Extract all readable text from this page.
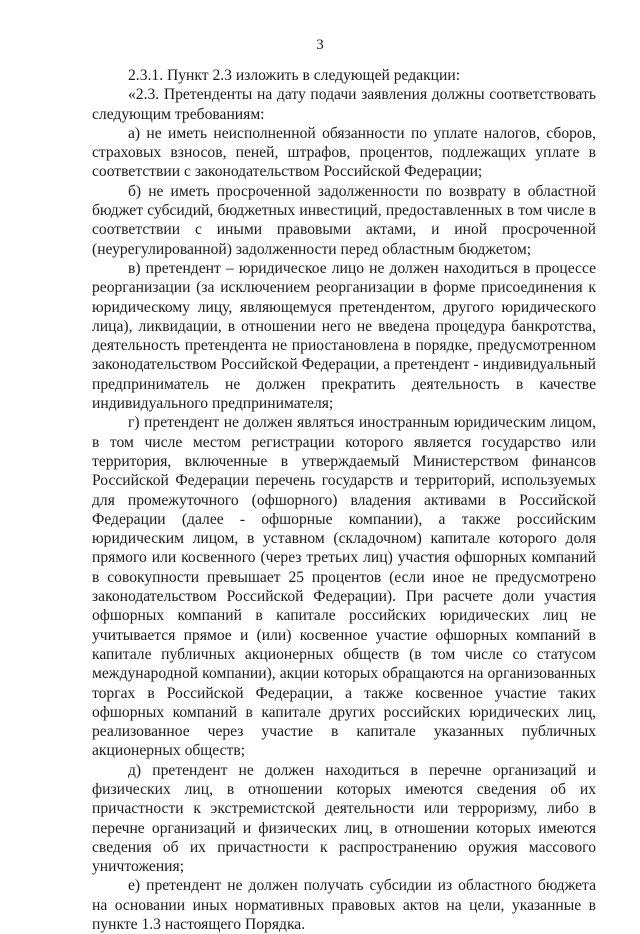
3

2.3.1. Пункт 2.3 изложить в следующей редакции:

«2.3. Претенденты на дату подачи заявления должны соответствовать следующим требованиям:

а) не иметь неисполненной обязанности по уплате налогов, сборов, страховых взносов, пеней, штрафов, процентов, подлежащих уплате в соответствии с законодательством Российской Федерации;

б) не иметь просроченной задолженности по возврату в областной бюджет субсидий, бюджетных инвестиций, предоставленных в том числе в соответствии с иными правовыми актами, и иной просроченной (неурегулированной) задолженности перед областным бюджетом;

в) претендент – юридическое лицо не должен находиться в процессе реорганизации (за исключением реорганизации в форме присоединения к юридическому лицу, являющемуся претендентом, другого юридического лица), ликвидации, в отношении него не введена процедура банкротства, деятельность претендента не приостановлена в порядке, предусмотренном законодательством Российской Федерации, а претендент - индивидуальный предприниматель не должен прекратить деятельность в качестве индивидуального предпринимателя;

г) претендент не должен являться иностранным юридическим лицом, в том числе местом регистрации которого является государство или территория, включенные в утверждаемый Министерством финансов Российской Федерации перечень государств и территорий, используемых для промежуточного (офшорного) владения активами в Российской Федерации (далее - офшорные компании), а также российским юридическим лицом, в уставном (складочном) капитале которого доля прямого или косвенного (через третьих лиц) участия офшорных компаний в совокупности превышает 25 процентов (если иное не предусмотрено законодательством Российской Федерации). При расчете доли участия офшорных компаний в капитале российских юридических лиц не учитывается прямое и (или) косвенное участие офшорных компаний в капитале публичных акционерных обществ (в том числе со статусом международной компании), акции которых обращаются на организованных торгах в Российской Федерации, а также косвенное участие таких офшорных компаний в капитале других российских юридических лиц, реализованное через участие в капитале указанных публичных акционерных обществ;

д) претендент не должен находиться в перечне организаций и физических лиц, в отношении которых имеются сведения об их причастности к экстремистской деятельности или терроризму, либо в перечне организаций и физических лиц, в отношении которых имеются сведения об их причастности к распространению оружия массового уничтожения;

е) претендент не должен получать субсидии из областного бюджета на основании иных нормативных правовых актов на цели, указанные в пункте 1.3 настоящего Порядка.
